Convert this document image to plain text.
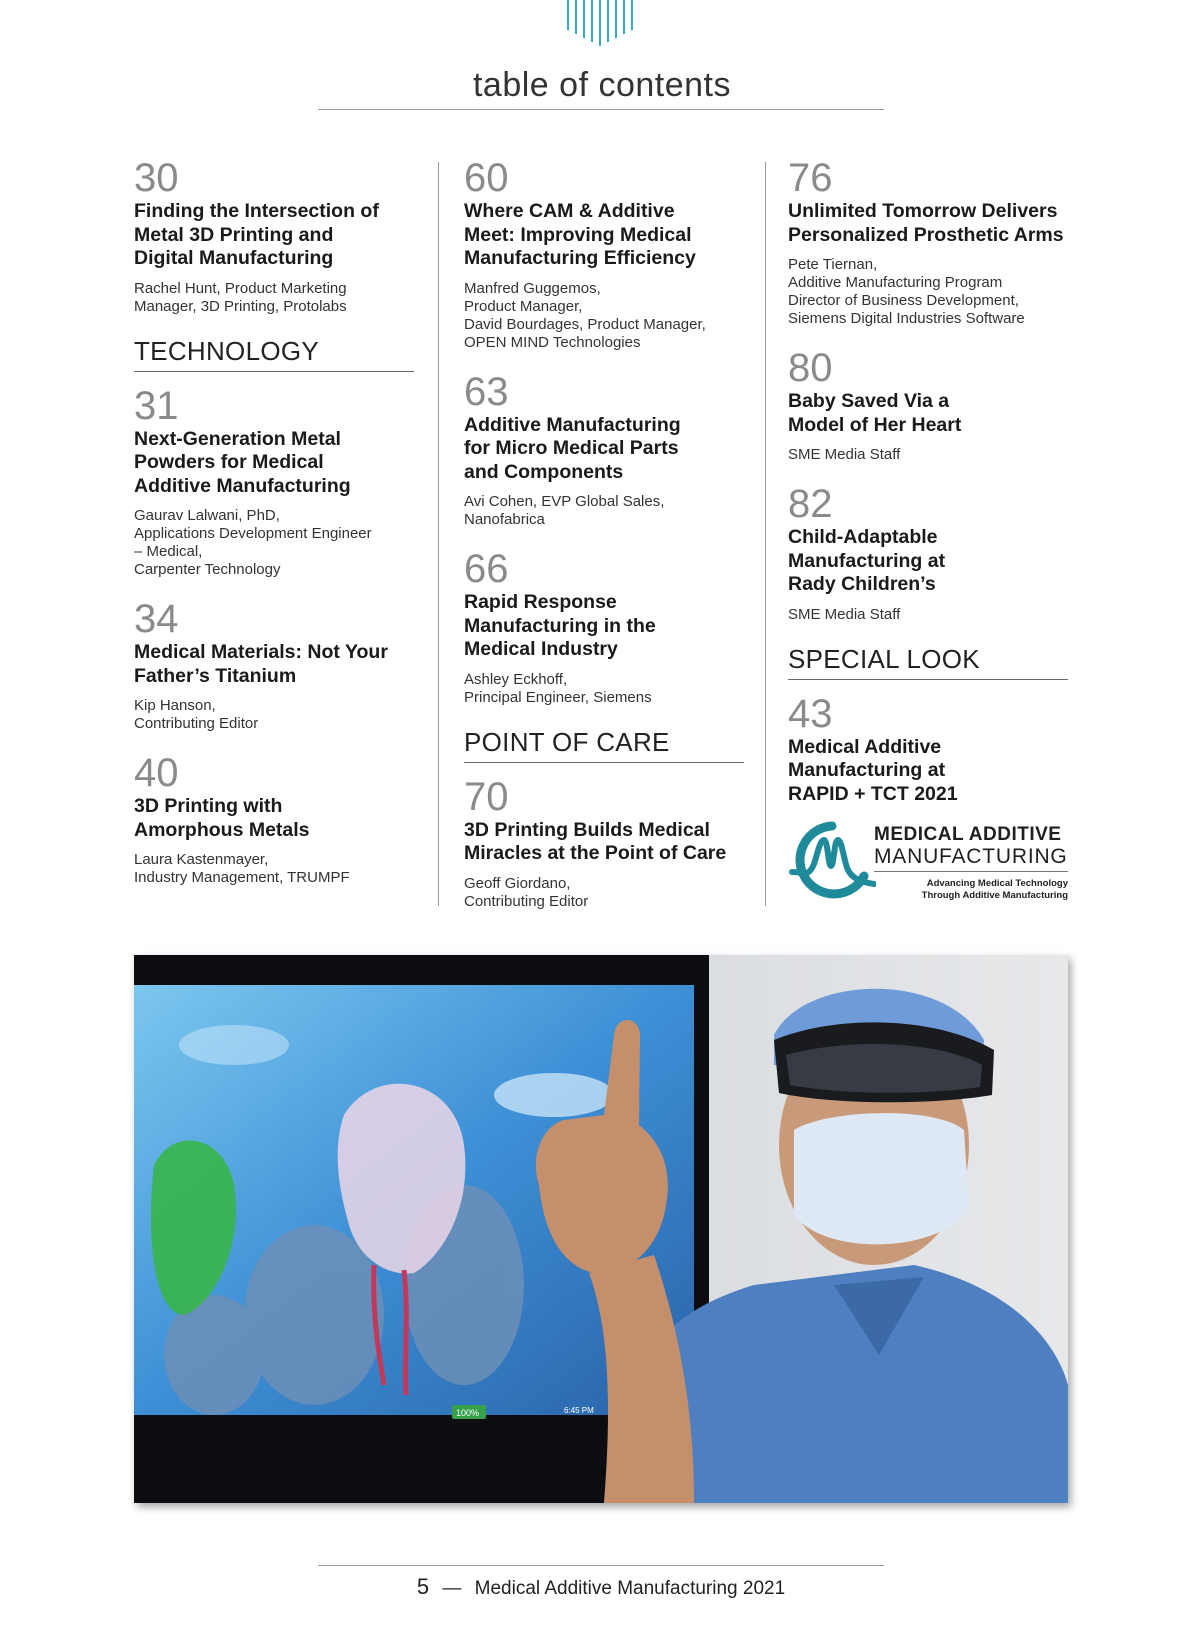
table of contents
30
Finding the Intersection of Metal 3D Printing and Digital Manufacturing
Rachel Hunt, Product Marketing
Manager, 3D Printing, Protolabs
TECHNOLOGY
31
Next-Generation Metal Powders for Medical Additive Manufacturing
Gaurav Lalwani, PhD,
Applications Development Engineer
– Medical,
Carpenter Technology
34
Medical Materials: Not Your Father’s Titanium
Kip Hanson,
Contributing Editor
40
3D Printing with Amorphous Metals
Laura Kastenmayer,
Industry Management, TRUMPF
60
Where CAM & Additive Meet: Improving Medical Manufacturing Efficiency
Manfred Guggemos,
Product Manager,
David Bourdages, Product Manager,
OPEN MIND Technologies
63
Additive Manufacturing for Micro Medical Parts and Components
Avi Cohen, EVP Global Sales,
Nanofabrica
66
Rapid Response Manufacturing in the Medical Industry
Ashley Eckhoff,
Principal Engineer, Siemens
POINT OF CARE
70
3D Printing Builds Medical Miracles at the Point of Care
Geoff Giordano,
Contributing Editor
76
Unlimited Tomorrow Delivers Personalized Prosthetic Arms
Pete Tiernan,
Additive Manufacturing Program
Director of Business Development,
Siemens Digital Industries Software
80
Baby Saved Via a Model of Her Heart
SME Media Staff
82
Child-Adaptable Manufacturing at Rady Children’s
SME Media Staff
SPECIAL LOOK
43
Medical Additive Manufacturing at RAPID + TCT 2021
MEDICAL ADDITIVE
MANUFACTURING
Advancing Medical Technology
Through Additive Manufacturing
100%	6:45 PM
5 — Medical Additive Manufacturing 2021
